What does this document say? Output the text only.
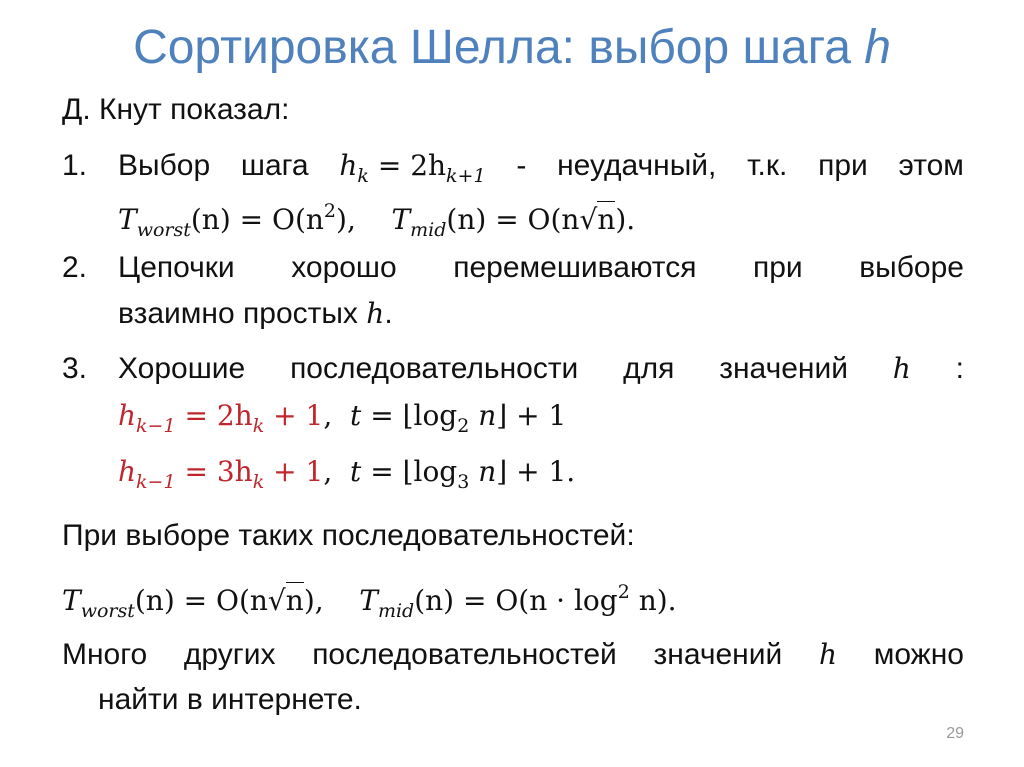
Сортировка Шелла: выбор шага h
Д. Кнут показал:
1. Выбор шага $h_k = 2h_{k+1}$ - неудачный, т.к. при этом
$T_{worst}(n) = O(n^2)$, $T_{mid}(n) = O(n√n)$.
2. Цепочки хорошо перемешиваются при выборе
взаимно простых h.
3. Хорошие последовательности для значений h :
$h_{k-1} = 2h_k + 1$, $t = ⌊\log_2$ n⌋ + 1
$h_{k-1} = 3h_k + 1$, $t = ⌊\log_3$ n⌋ + 1.
При выборе таких последовательностей:
$T_{worst}(n) = O(n√n)$, $T_{mid}(n) = O(n \cdot \log^2 n)$.
Много других последовательностей значений h можно
найти в интернете.
29
